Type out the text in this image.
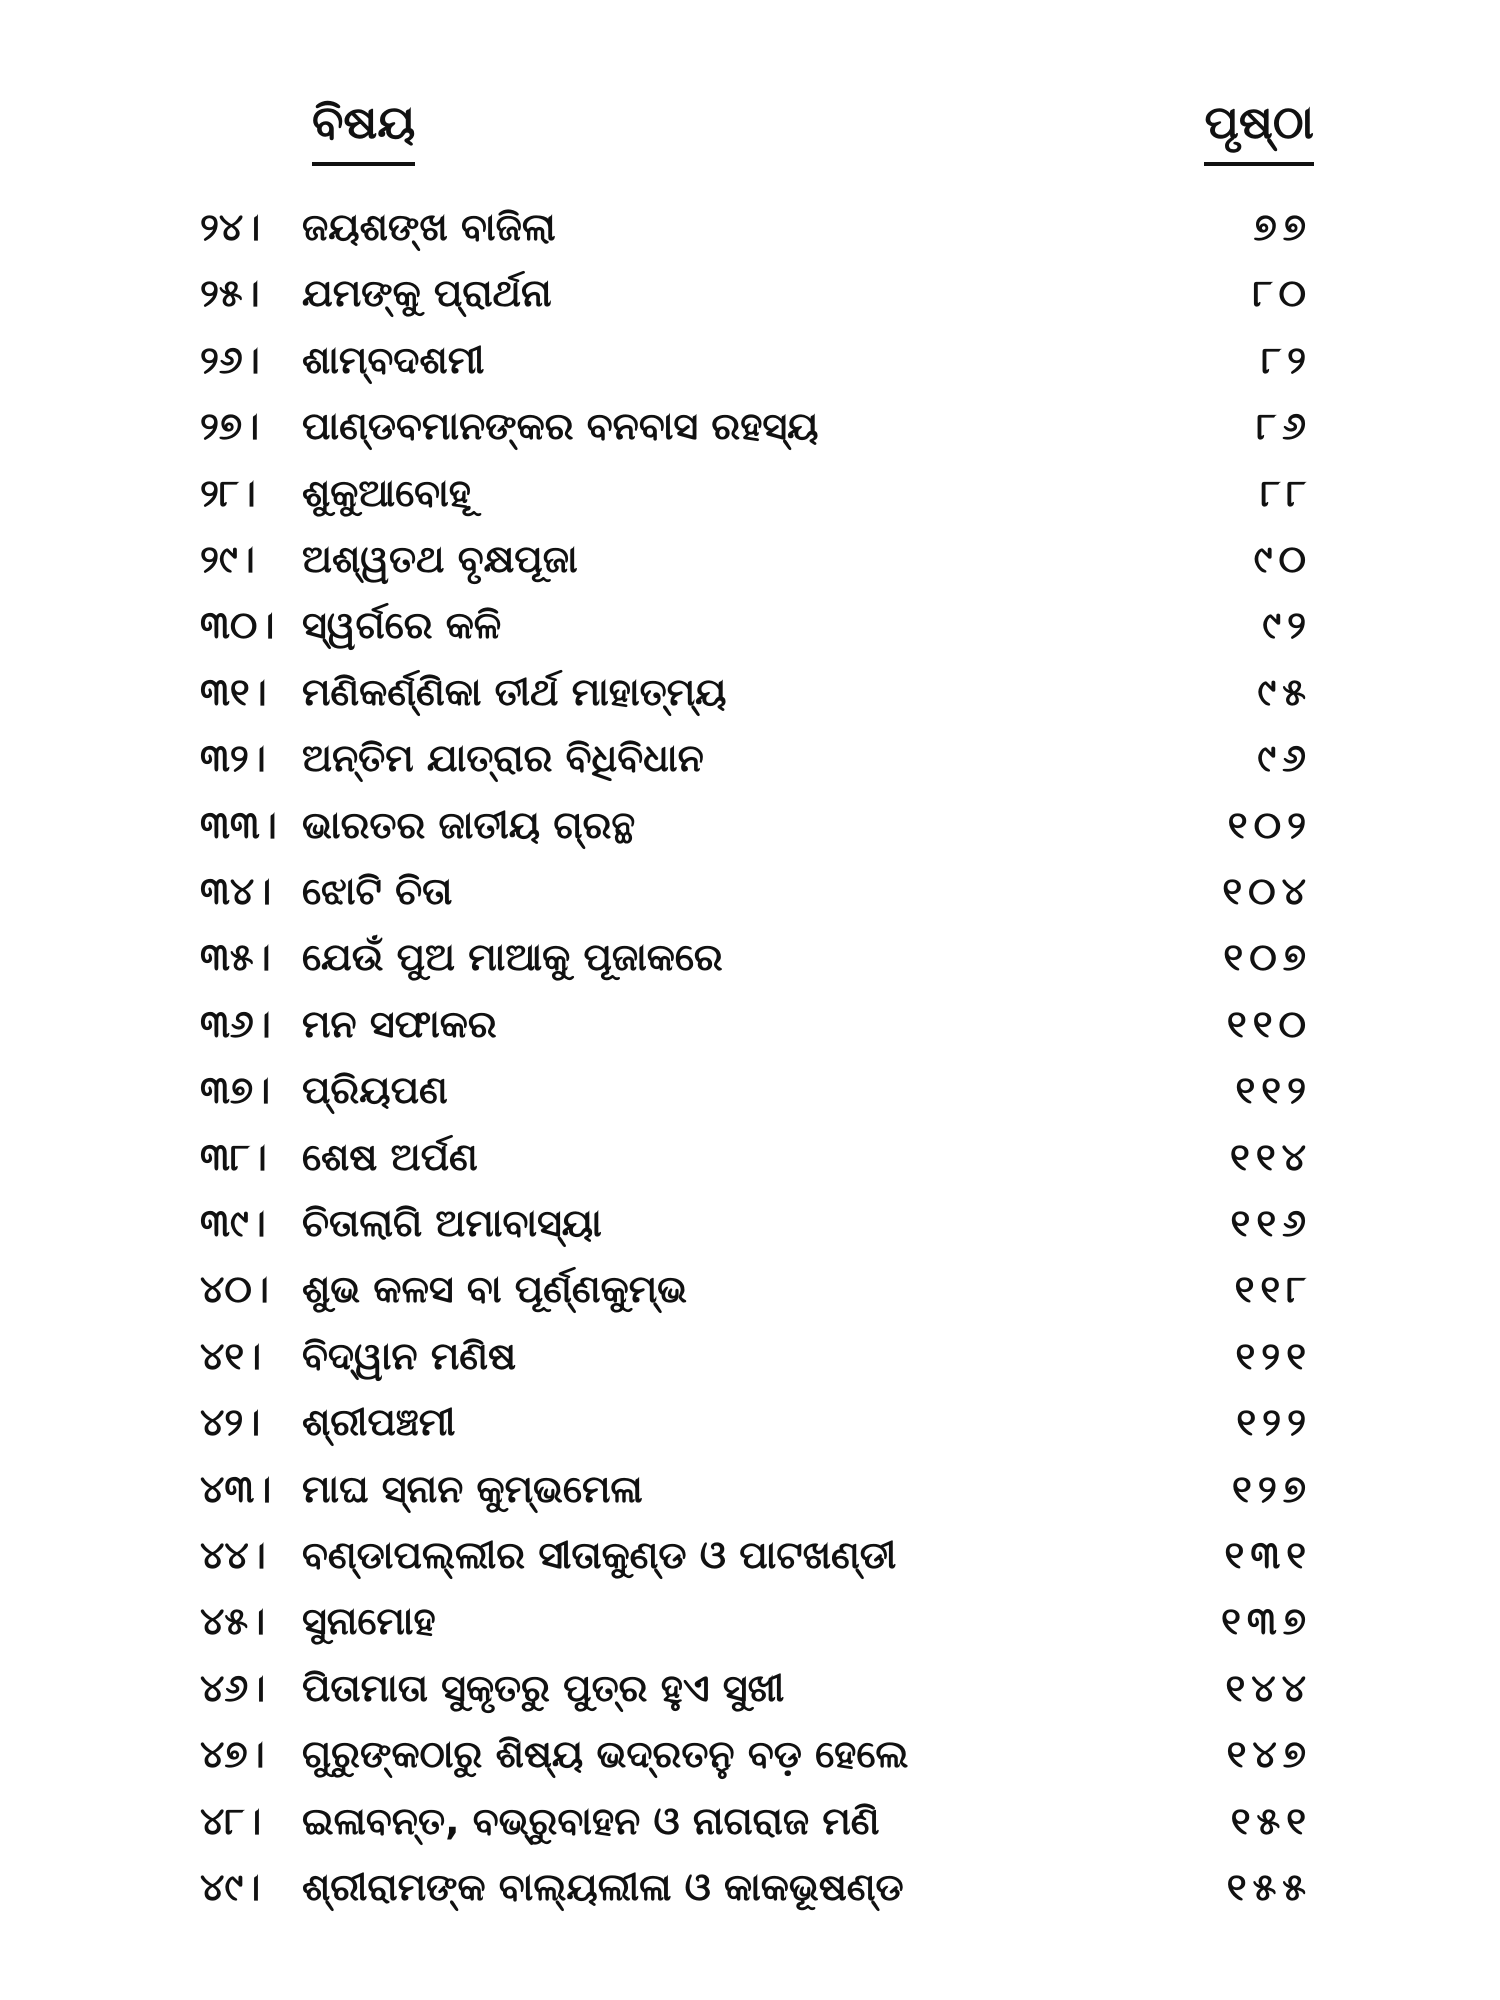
ବିଷୟ	ପୃଷ୍ଠା
୨୪।	ଜୟଶଙ୍ଖ ବାଜିଲା	୭୭
୨୫।	ଯମଙ୍କୁ ପ୍ରାର୍ଥନା	୮୦
୨୬।	ଶାମ୍ବଦଶମୀ	୮୨
୨୭।	ପାଣ୍ଡବମାନଙ୍କର ବନବାସ ରହସ୍ୟ	୮୬
୨୮।	ଶୁକୁଆବୋହୂ	୮୮
୨୯।	ଅଶ୍ୱତଥ ବୃକ୍ଷପୂଜା	୯୦
୩୦। ସ୍ୱର୍ଗରେ କଳି	୯୨
୩୧। ମଣିକର୍ଣ୍ଣିକା ତୀର୍ଥ ମାହାତ୍ମ୍ୟ	୯୫
୩୨। ଅନ୍ତିମ ଯାତ୍ରାର ବିଧିବିଧାନ	୯୬
୩୩। ଭାରତର ଜାତୀୟ ଗ୍ରନ୍ଥ	୧୦୨
୩୪। ଝୋଟି ଚିତା	୧୦୪
୩୫। ଯେଉଁ ପୁଅ ମାଆକୁ ପୂଜାକରେ	୧୦୭
୩୬। ମନ ସଫାକର	୧୧୦
୩୭। ପ୍ରିୟପଣ	୧୧୨
୩୮। ଶେଷ ଅର୍ପଣ	୧୧୪
୩୯। ଚିତାଲାଗି ଅମାବାସ୍ୟା	୧୧୬
୪୦। ଶୁଭ କଳସ ବା ପୂର୍ଣ୍ଣକୁମ୍ଭ	୧୧୮
୪୧।	ବିଦ୍ୱାନ ମଣିଷ	୧୨୧
୪୨।	ଶ୍ରୀପଞ୍ଚମୀ	୧୨୨
୪୩। ମାଘ ସ୍ନାନ କୁମ୍ଭମେଳା	୧୨୭
୪୪। ବଣ୍ଡାପଲ୍ଲୀର ସୀତାକୁଣ୍ଡ ଓ ପାଟଖଣ୍ଡୀ	୧୩୧
୪୫। ସୁନାମୋହ	୧୩୭
୪୬। ପିତାମାତା ସୁକୃତରୁ ପୁତ୍ର ହୁଏ ସୁଖୀ	୧୪୪
୪୭। ଗୁରୁଙ୍କଠାରୁ ଶିଷ୍ୟ ଭଦ୍ରତନୁ ବଡ଼ ହେଲେ	୧୪୭
୪୮।	ଇଳାବନ୍ତ, ବଭ୍ରୁବାହନ ଓ ନାଗରାଜ ମଣି	୧୫୧
୪୯।	ଶ୍ରୀରାମଙ୍କ ବାଲ୍ୟଲୀଳା ଓ କାକଭୂଷଣ୍ଡ	୧୫୫
